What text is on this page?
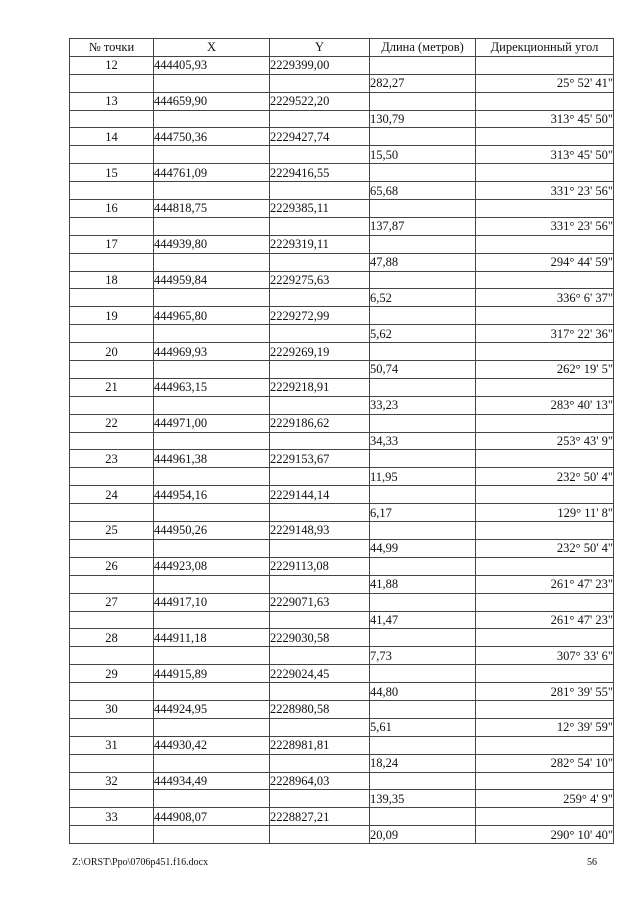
№ точки	X	Y	Длина (метров)	Дирекционный угол
12	444405,93	2229399,00		
			282,27	25° 52' 41"
13	444659,90	2229522,20		
			130,79	313° 45' 50"
14	444750,36	2229427,74		
			15,50	313° 45' 50"
15	444761,09	2229416,55		
			65,68	331° 23' 56"
16	444818,75	2229385,11		
			137,87	331° 23' 56"
17	444939,80	2229319,11		
			47,88	294° 44' 59"
18	444959,84	2229275,63		
			6,52	336° 6' 37"
19	444965,80	2229272,99		
			5,62	317° 22' 36"
20	444969,93	2229269,19		
			50,74	262° 19' 5"
21	444963,15	2229218,91		
			33,23	283° 40' 13"
22	444971,00	2229186,62		
			34,33	253° 43' 9"
23	444961,38	2229153,67		
			11,95	232° 50' 4"
24	444954,16	2229144,14		
			6,17	129° 11' 8"
25	444950,26	2229148,93		
			44,99	232° 50' 4"
26	444923,08	2229113,08		
			41,88	261° 47' 23"
27	444917,10	2229071,63		
			41,47	261° 47' 23"
28	444911,18	2229030,58		
			7,73	307° 33' 6"
29	444915,89	2229024,45		
			44,80	281° 39' 55"
30	444924,95	2228980,58		
			5,61	12° 39' 59"
31	444930,42	2228981,81		
			18,24	282° 54' 10"
32	444934,49	2228964,03		
			139,35	259° 4' 9"
33	444908,07	2228827,21		
			20,09	290° 10' 40"
Z:\ORST\Ppo\0706p451.f16.docx	56
